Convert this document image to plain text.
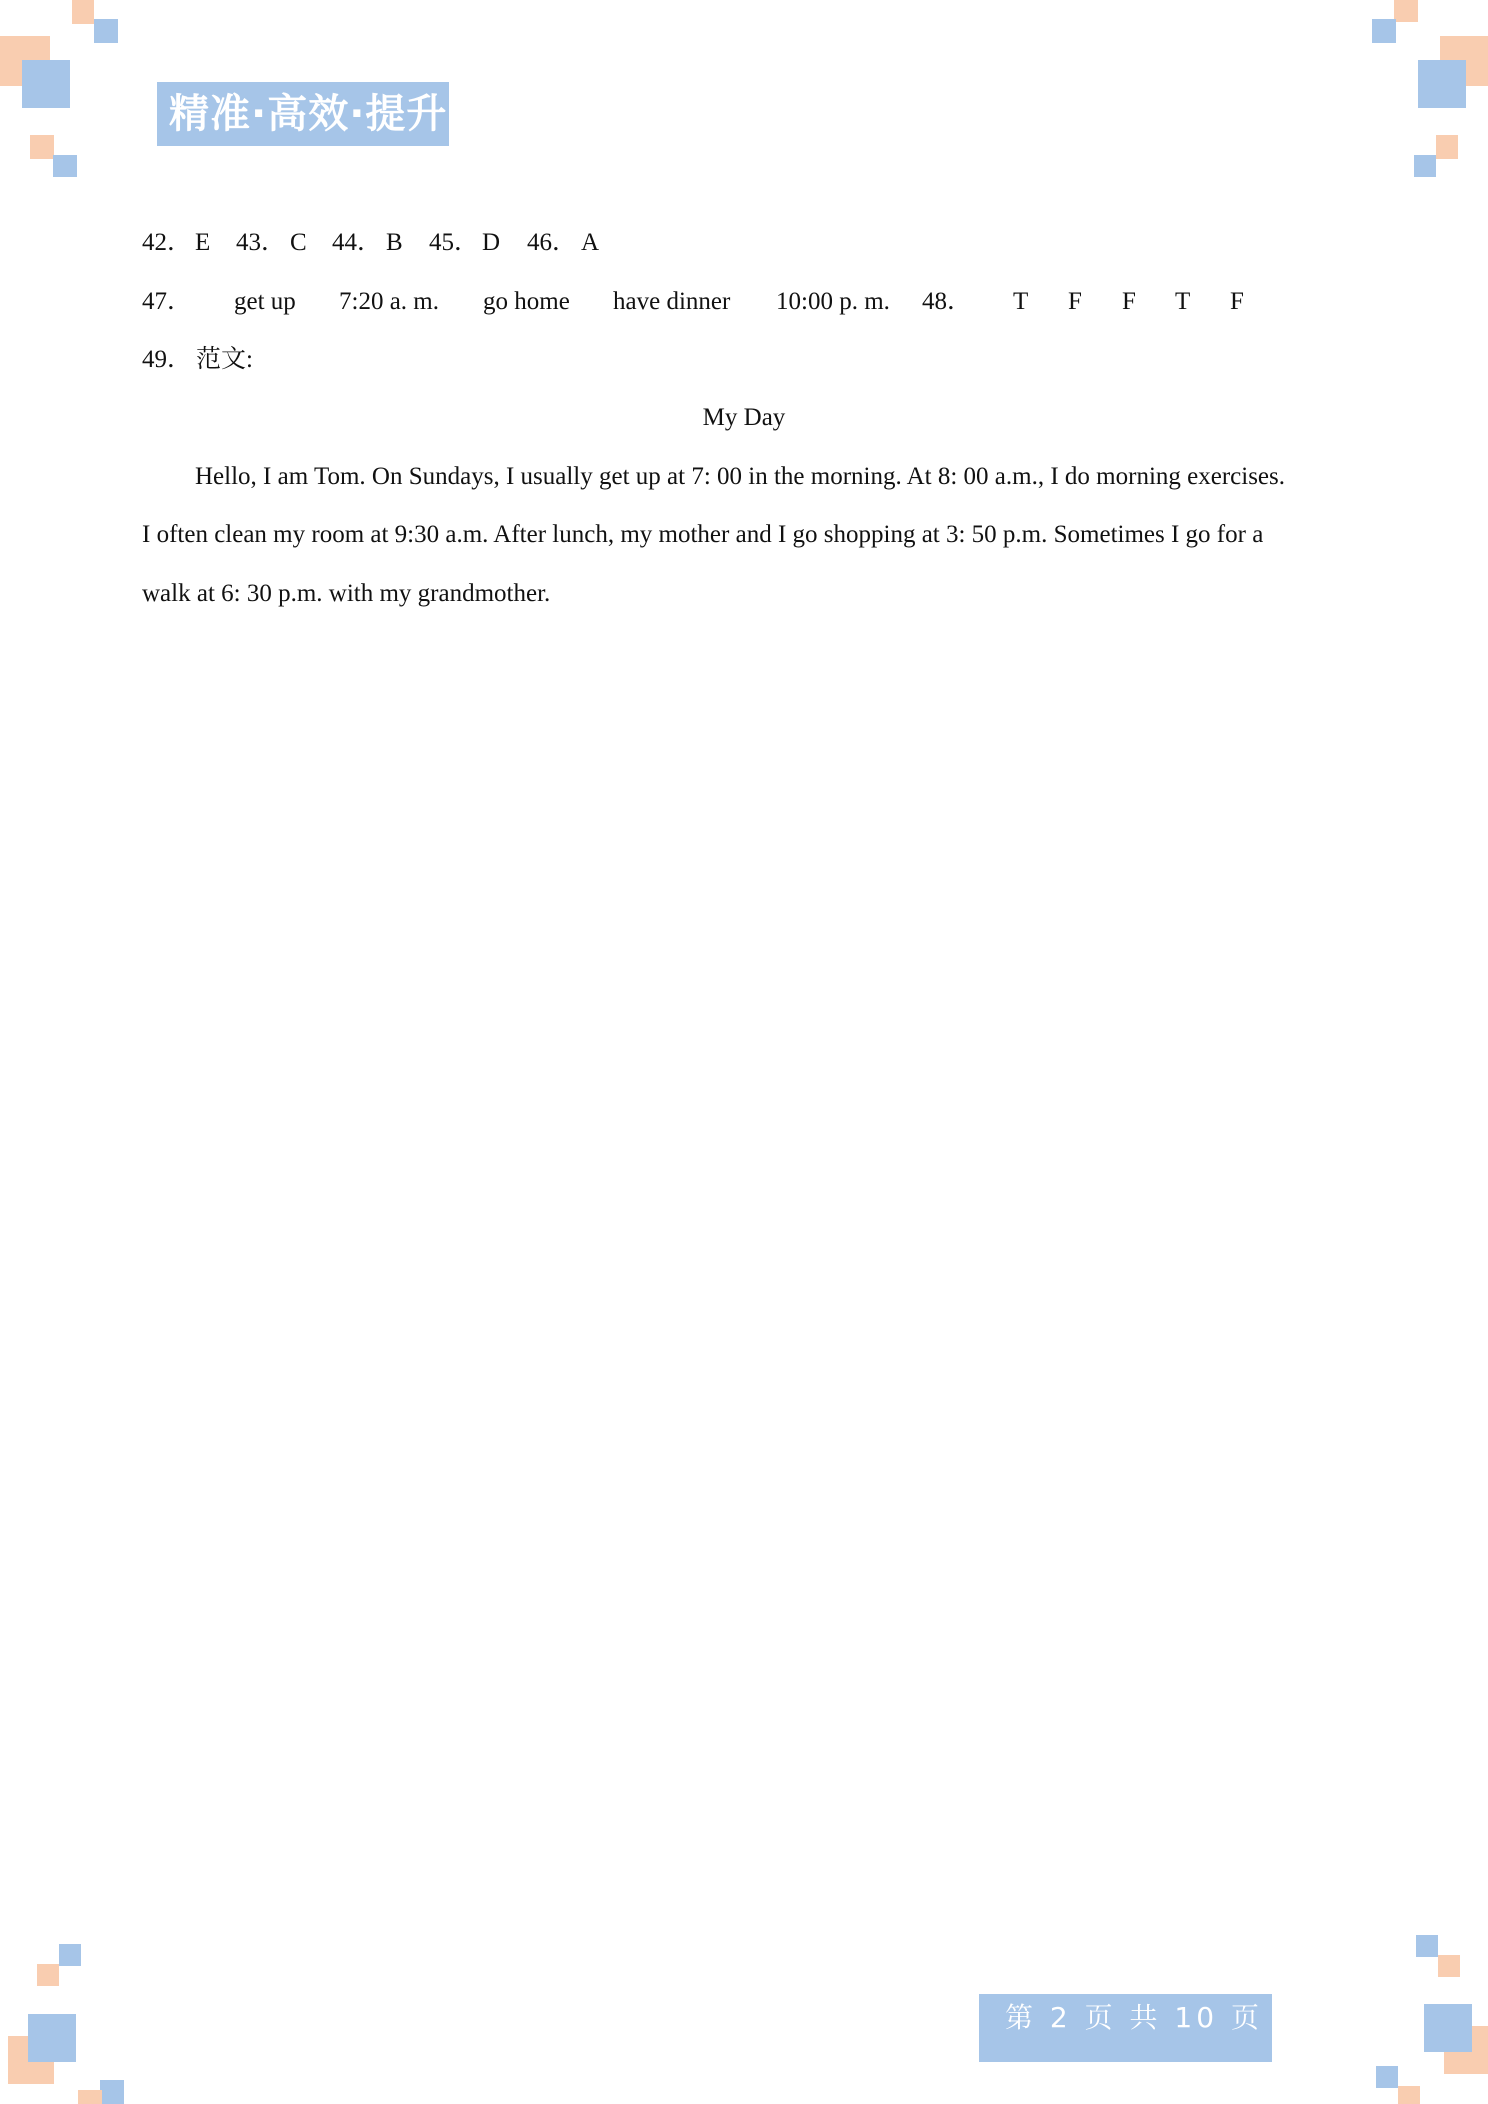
精准·高效·提升
42． E 43． C 44． B 45． D 46． A
47． get up 7:20 a. m. go home have dinner 10:00 p. m. 48． T F F T F
49． 范文:
My Day
Hello, I am Tom. On Sundays, I usually get up at 7: 00 in the morning. At 8: 00 a.m., I do morning exercises.
I often clean my room at 9:30 a.m. After lunch, my mother and I go shopping at 3: 50 p.m. Sometimes I go for a
walk at 6: 30 p.m. with my grandmother.
第 2 页 共 10 页
